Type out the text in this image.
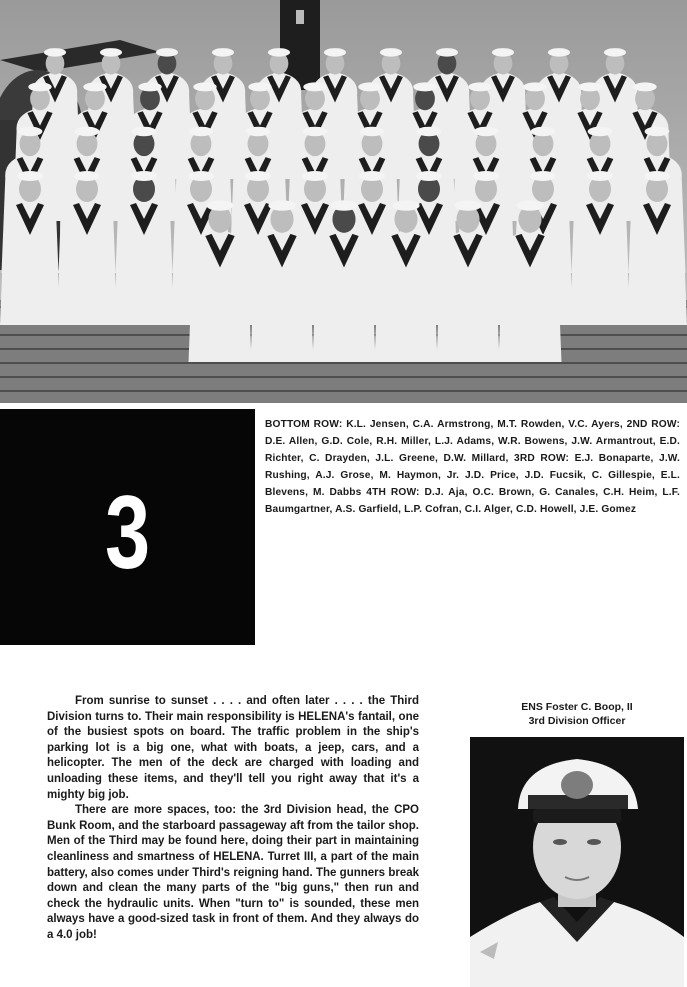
3
BOTTOM ROW: K.L. Jensen, C.A. Armstrong, M.T. Rowden, V.C. Ayers, 2ND ROW: D.E. Allen, G.D. Cole, R.H. Miller, L.J. Adams, W.R. Bowens, J.W. Armantrout, E.D. Richter, C. Drayden, J.L. Greene, D.W. Millard, 3RD ROW: E.J. Bonaparte, J.W. Rushing, A.J. Grose, M. Haymon, Jr. J.D. Price, J.D. Fucsik, C. Gillespie, E.L. Blevens, M. Dabbs 4TH ROW: D.J. Aja, O.C. Brown, G. Canales, C.H. Heim, L.F. Baumgartner, A.S. Garfield, L.P. Cofran, C.I. Alger, C.D. Howell, J.E. Gomez

From sunrise to sunset . . . . and often later . . . . the Third Division turns to. Their main responsibility is HELENA's fantail, one of the busiest spots on board. The traffic problem in the ship's parking lot is a big one, what with boats, a jeep, cars, and a helicopter. The men of the deck are charged with loading and unloading these items, and they'll tell you right away that it's a mighty big job.

There are more spaces, too: the 3rd Division head, the CPO Bunk Room, and the starboard passageway aft from the tailor shop. Men of the Third may be found here, doing their part in maintaining cleanliness and smartness of HELENA. Turret III, a part of the main battery, also comes under Third's reigning hand. The gunners break down and clean the many parts of the "big guns," then run and check the hydraulic units. When "turn to" is sounded, these men always have a good-sized task in front of them. And they always do a 4.0 job!

ENS Foster C. Boop, II
3rd Division Officer
